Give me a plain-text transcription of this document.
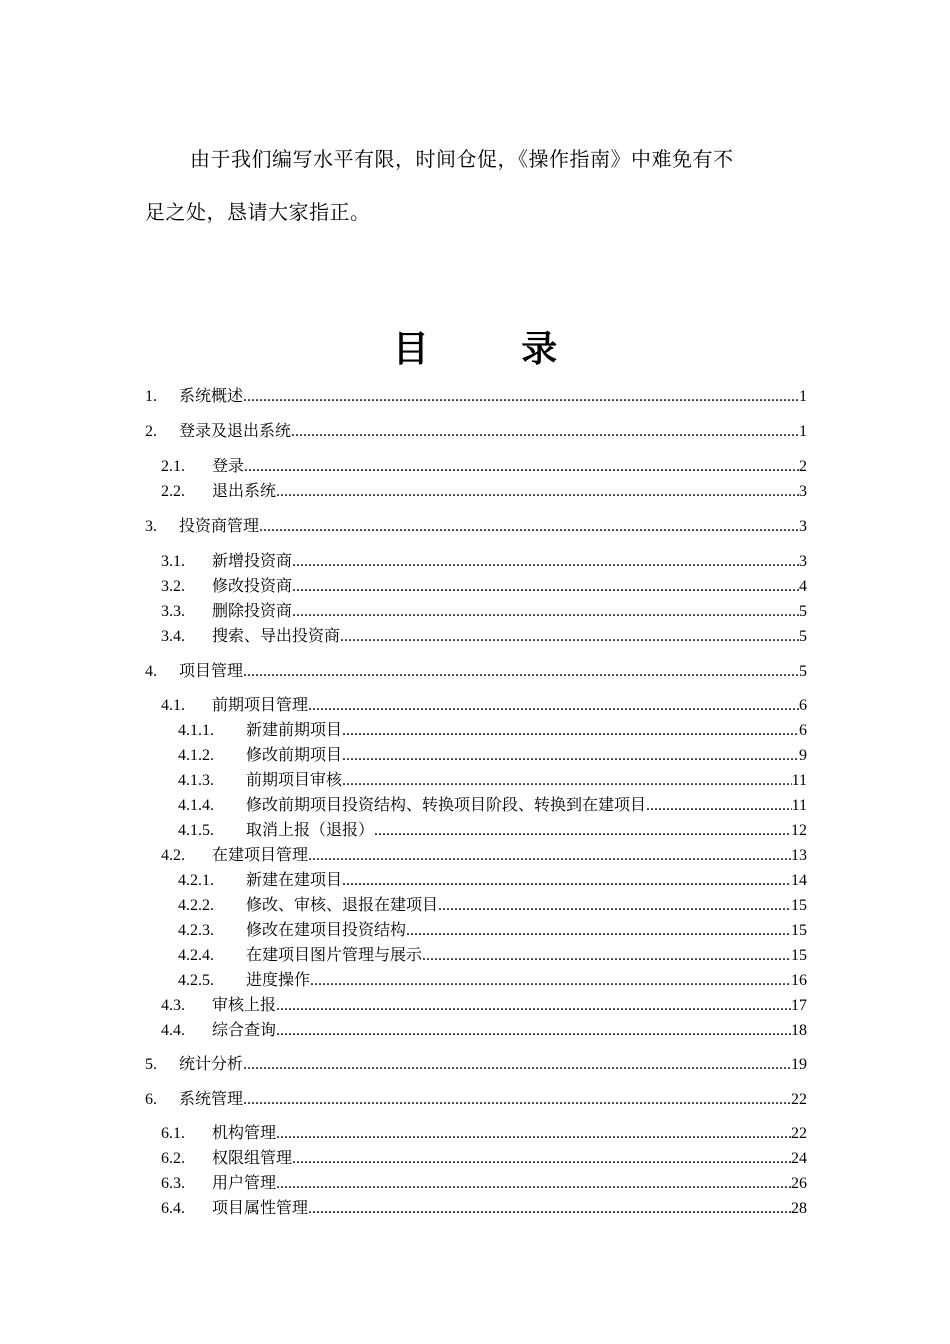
由于我们编写水平有限，时间仓促，《操作指南》中难免有不
足之处，恳请大家指正。
目 录
1.	系统概述 .....	1
2.	登录及退出系统 .....	1
2.1.	登录 .....	2
2.2.	退出系统 .....	3
3.	投资商管理 .....	3
3.1.	新增投资商 .....	3
3.2.	修改投资商 .....	4
3.3.	删除投资商 .....	5
3.4.	搜索、导出投资商 .....	5
4.	项目管理 .....	5
4.1.	前期项目管理 .....	6
4.1.1.	新建前期项目 .....	6
4.1.2.	修改前期项目 .....	9
4.1.3.	前期项目审核 .....	11
4.1.4.	修改前期项目投资结构、转换项目阶段、转换到在建项目 .....	11
4.1.5.	取消上报（退报） .....	12
4.2.	在建项目管理 .....	13
4.2.1.	新建在建项目 .....	14
4.2.2.	修改、审核、退报在建项目 .....	15
4.2.3.	修改在建项目投资结构 .....	15
4.2.4.	在建项目图片管理与展示 .....	15
4.2.5.	进度操作 .....	16
4.3.	审核上报 .....	17
4.4.	综合查询 .....	18
5.	统计分析 .....	19
6.	系统管理 .....	22
6.1.	机构管理 .....	22
6.2.	权限组管理 .....	24
6.3.	用户管理 .....	26
6.4.	项目属性管理 .....	28
